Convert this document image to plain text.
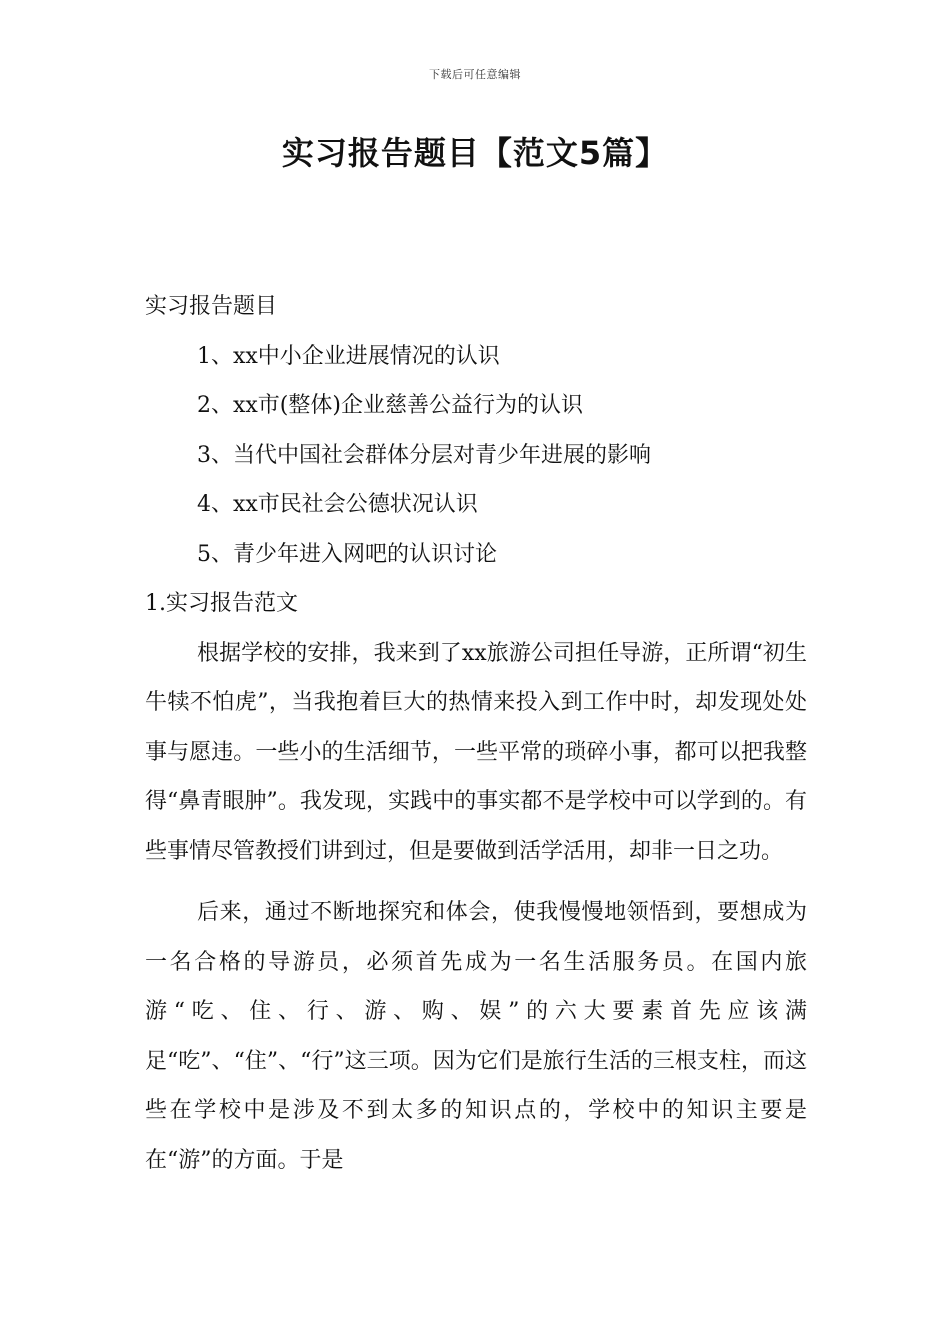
下载后可任意编辑
实习报告题目【范文5篇】
实习报告题目
1、xx中小企业进展情况的认识
2、xx市(整体)企业慈善公益行为的认识
3、当代中国社会群体分层对青少年进展的影响
4、xx市民社会公德状况认识
5、青少年进入网吧的认识讨论
1.实习报告范文

根据学校的安排，我来到了xx旅游公司担任导游，正所谓“初生牛犊不怕虎”，当我抱着巨大的热情来投入到工作中时，却发现处处事与愿违。一些小的生活细节，一些平常的琐碎小事，都可以把我整得“鼻青眼肿”。我发现，实践中的事实都不是学校中可以学到的。有些事情尽管教授们讲到过，但是要做到活学活用，却非一日之功。

后来，通过不断地探究和体会，使我慢慢地领悟到，要想成为一名合格的导游员，必须首先成为一名生活服务员。在国内旅游“吃、住、行、游、购、娱”的六大要素首先应该满足“吃”、“住”、“行”这三项。因为它们是旅行生活的三根支柱，而这些在学校中是涉及不到太多的知识点的，学校中的知识主要是在“游”的方面。于是
